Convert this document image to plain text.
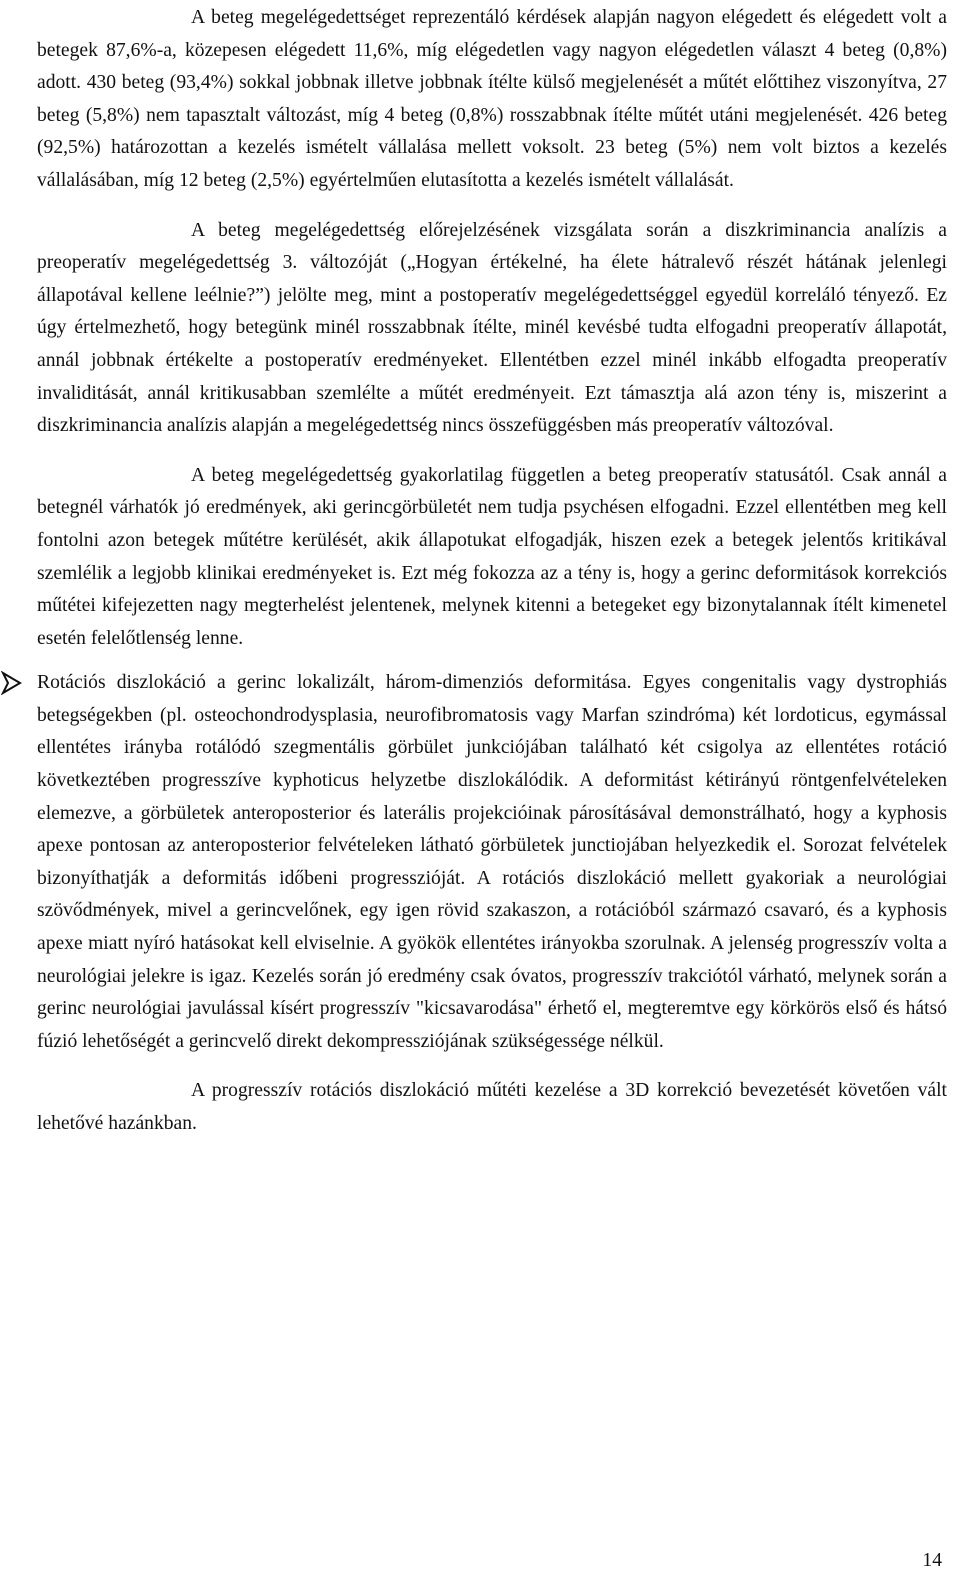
A beteg megelégedettséget reprezentáló kérdések alapján nagyon elégedett és elégedett volt a betegek 87,6%-a, közepesen elégedett 11,6%, míg elégedetlen vagy nagyon elégedetlen választ 4 beteg (0,8%) adott. 430 beteg (93,4%) sokkal jobbnak illetve jobbnak ítélte külső megjelenését a műtét előttihez viszonyítva, 27 beteg (5,8%) nem tapasztalt változást, míg 4 beteg (0,8%) rosszabbnak ítélte műtét utáni megjelenését. 426 beteg (92,5%) határozottan a kezelés ismételt vállalása mellett voksolt. 23 beteg (5%) nem volt biztos a kezelés vállalásában, míg 12 beteg (2,5%) egyértelműen elutasította a kezelés ismételt vállalását.

A beteg megelégedettség előrejelzésének vizsgálata során a diszkriminancia analízis a preoperatív megelégedettség 3. változóját („Hogyan értékelné, ha élete hátralevő részét hátának jelenlegi állapotával kellene leélnie?”) jelölte meg, mint a postoperatív megelégedettséggel egyedül korreláló tényező. Ez úgy értelmezhető, hogy betegünk minél rosszabbnak ítélte, minél kevésbé tudta elfogadni preoperatív állapotát, annál jobbnak értékelte a postoperatív eredményeket. Ellentétben ezzel minél inkább elfogadta preoperatív invaliditását, annál kritikusabban szemlélte a műtét eredményeit. Ezt támasztja alá azon tény is, miszerint a diszkriminancia analízis alapján a megelégedettség nincs összefüggésben más preoperatív változóval.

A beteg megelégedettség gyakorlatilag független a beteg preoperatív statusától. Csak annál a betegnél várhatók jó eredmények, aki gerincgörbületét nem tudja psychésen elfogadni. Ezzel ellentétben meg kell fontolni azon betegek műtétre kerülését, akik állapotukat elfogadják, hiszen ezek a betegek jelentős kritikával szemlélik a legjobb klinikai eredményeket is. Ezt még fokozza az a tény is, hogy a gerinc deformitások korrekciós műtétei kifejezetten nagy megterhelést jelentenek, melynek kitenni a betegeket egy bizonytalannak ítélt kimenetel esetén felelőtlenség lenne.

Rotációs diszlokáció a gerinc lokalizált, három-dimenziós deformitása. Egyes congenitalis vagy dystrophiás betegségekben (pl. osteochondrodysplasia, neurofibromatosis vagy Marfan szindróma) két lordoticus, egymással ellentétes irányba rotálódó szegmentális görbület junkciójában található két csigolya az ellentétes rotáció következtében progresszíve kyphoticus helyzetbe diszlokálódik. A deformitást kétirányú röntgenfelvételeken elemezve, a görbületek anteroposterior és laterális projekcióinak párosításával demonstrálható, hogy a kyphosis apexe pontosan az anteroposterior felvételeken látható görbületek junctiojában helyezkedik el. Sorozat felvételek bizonyíthatják a deformitás időbeni progresszióját. A rotációs diszlokáció mellett gyakoriak a neurológiai szövődmények, mivel a gerincvelőnek, egy igen rövid szakaszon, a rotációból származó csavaró, és a kyphosis apexe miatt nyíró hatásokat kell elviselnie. A gyökök ellentétes irányokba szorulnak. A jelenség progresszív volta a neurológiai jelekre is igaz. Kezelés során jó eredmény csak óvatos, progresszív trakciótól várható, melynek során a gerinc neurológiai javulással kísért progresszív "kicsavarodása" érhető el, megteremtve egy körkörös első és hátsó fúzió lehetőségét a gerincvelő direkt dekompressziójának szükségessége nélkül.

A progresszív rotációs diszlokáció műtéti kezelése a 3D korrekció bevezetését követően vált lehetővé hazánkban.

14
